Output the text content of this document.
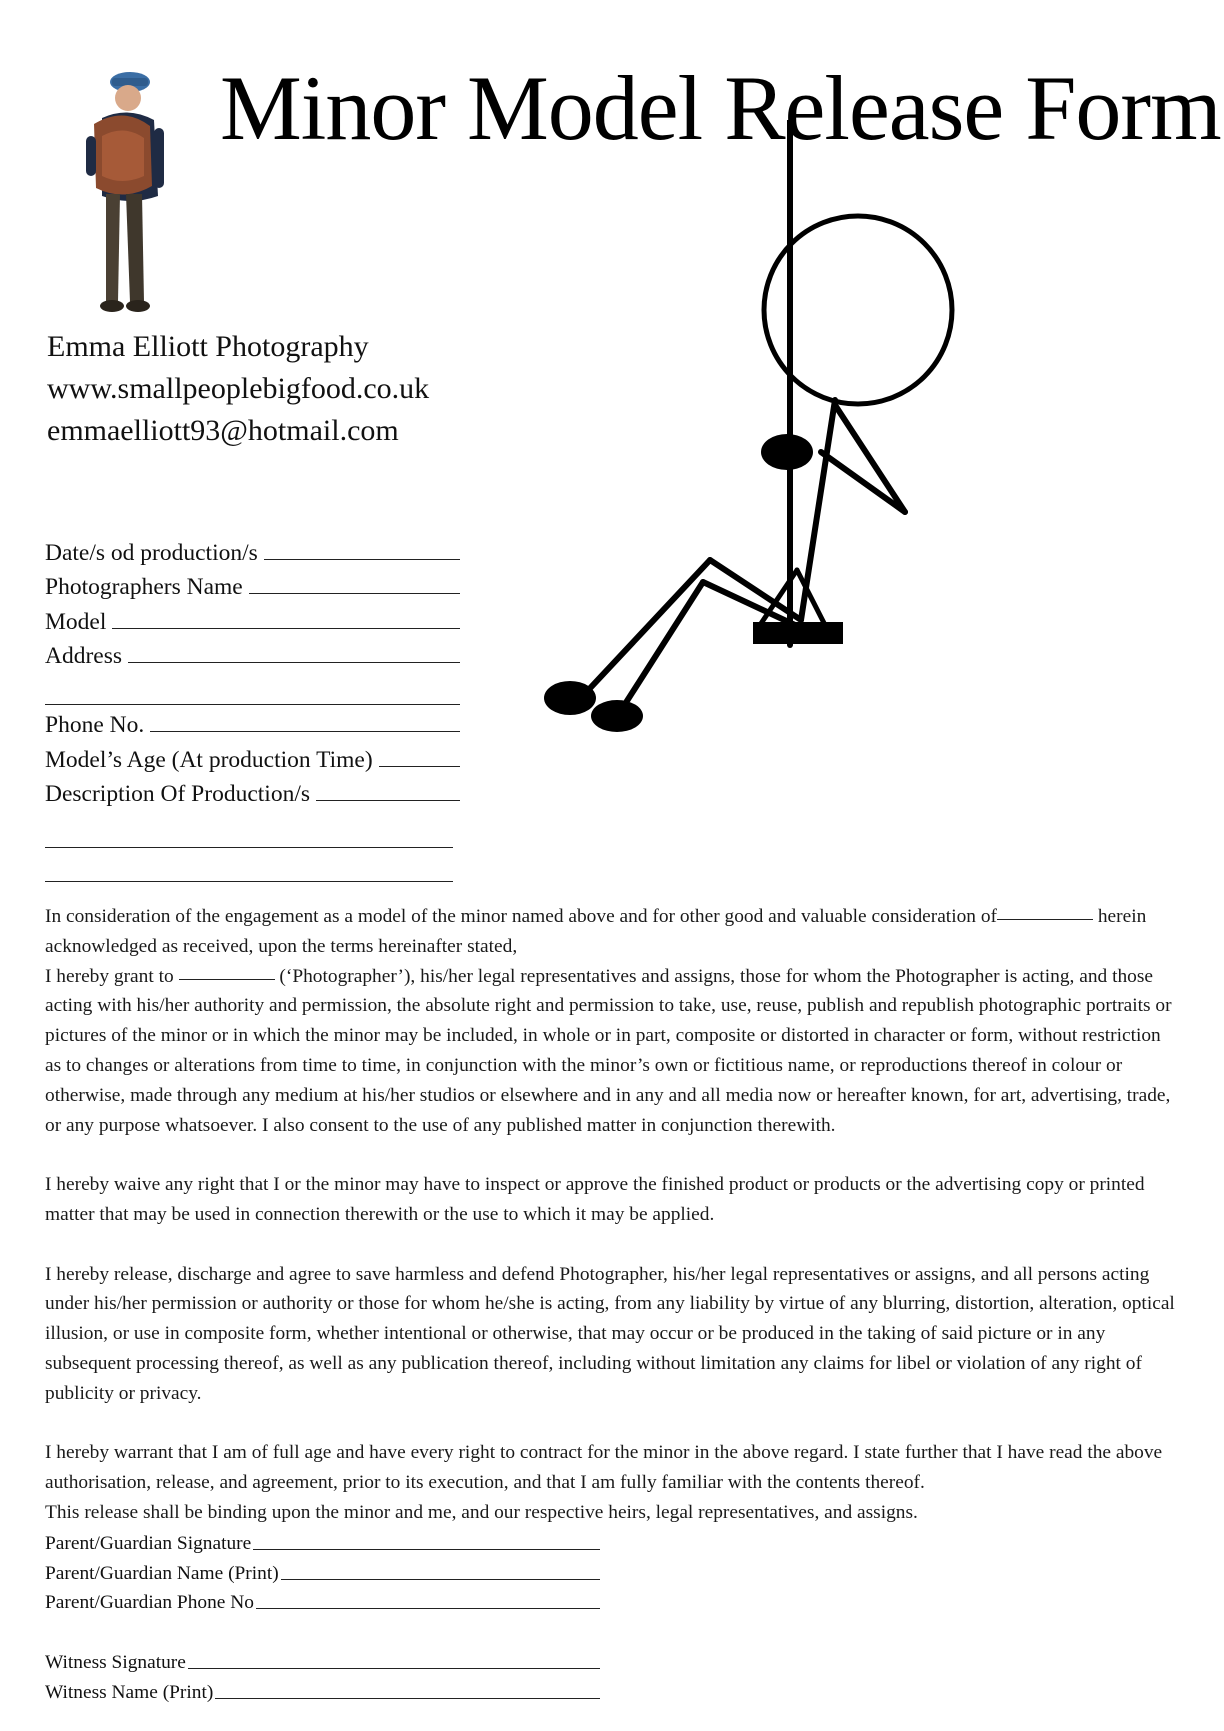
Minor Model Release Form
Emma Elliott Photography
www.smallpeoplebigfood.co.uk
emmaelliott93@hotmail.com
Date/s od production/s
Photographers Name
Model
Address
Phone No.
Model’s Age (At production Time)
Description Of Production/s

In consideration of the engagement as a model of the minor named above and for other good and valuable consideration of	herein acknowledged as received, upon the terms hereinafter stated,

I hereby grant to	(‘Photographer’), his/her legal representatives and assigns, those for whom the Photographer is acting, and those acting with his/her authority and permission, the absolute right and permission to take, use, reuse, publish and republish photographic portraits or pictures of the minor or in which the minor may be included, in whole or in part, composite or distorted in character or form, without restriction as to changes or alterations from time to time, in conjunction with the minor’s own or fictitious name, or reproductions thereof in colour or otherwise, made through any medium at his/her studios or elsewhere and in any and all media now or hereafter known, for art, advertising, trade, or any purpose whatsoever. I also consent to the use of any published matter in conjunction therewith.

I hereby waive any right that I or the minor may have to inspect or approve the finished product or products or the advertising copy or printed matter that may be used in connection therewith or the use to which it may be applied.

I hereby release, discharge and agree to save harmless and defend Photographer, his/her legal representatives or assigns, and all persons acting under his/her permission or authority or those for whom he/she is acting, from any liability by virtue of any blurring, distortion, alteration, optical illusion, or use in composite form, whether intentional or otherwise, that may occur or be produced in the taking of said picture or in any subsequent processing thereof, as well as any publication thereof, including without limitation any claims for libel or violation of any right of publicity or privacy.

I hereby warrant that I am of full age and have every right to contract for the minor in the above regard. I state further that I have read the above authorisation, release, and agreement, prior to its execution, and that I am fully familiar with the contents thereof.

This release shall be binding upon the minor and me, and our respective heirs, legal representatives, and assigns.

Parent/Guardian Signature
Parent/Guardian Name (Print)
Parent/Guardian Phone No
Witness Signature
Witness Name (Print)
